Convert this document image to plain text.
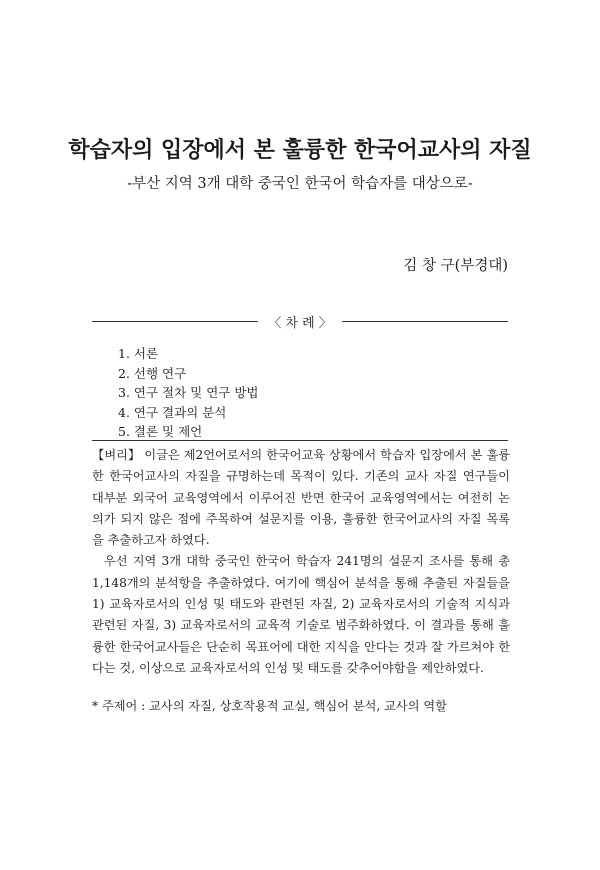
학습자의 입장에서 본 훌륭한 한국어교사의 자질
-부산 지역 3개 대학 중국인 한국어 학습자를 대상으로-
김 창 구(부경대)
〈 차 례 〉
1. 서론
2. 선행 연구
3. 연구 절차 및 연구 방법
4. 연구 결과의 분석
5. 결론 및 제언

【벼리】 이글은 제2언어로서의 한국어교육 상황에서 학습자 입장에서 본 훌륭한 한국어교사의 자질을 규명하는데 목적이 있다. 기존의 교사 자질 연구들이 대부분 외국어 교육영역에서 이루어진 반면 한국어 교육영역에서는 여전히 논의가 되지 않은 점에 주목하여 설문지를 이용, 훌륭한 한국어교사의 자질 목록을 추출하고자 하였다.

우선 지역 3개 대학 중국인 한국어 학습자 241명의 설문지 조사를 통해 총 1,148개의 분석항을 추출하였다. 여기에 핵심어 분석을 통해 추출된 자질들을 1) 교육자로서의 인성 및 태도와 관련된 자질, 2) 교육자로서의 기술적 지식과 관련된 자질, 3) 교육자로서의 교육적 기술로 범주화하였다. 이 결과를 통해 훌륭한 한국어교사들은 단순히 목표어에 대한 지식을 안다는 것과 잘 가르쳐야 한다는 것, 이상으로 교육자로서의 인성 및 태도를 갖추어야함을 제안하였다.

* 주제어 : 교사의 자질, 상호작용적 교실, 핵심어 분석, 교사의 역할
